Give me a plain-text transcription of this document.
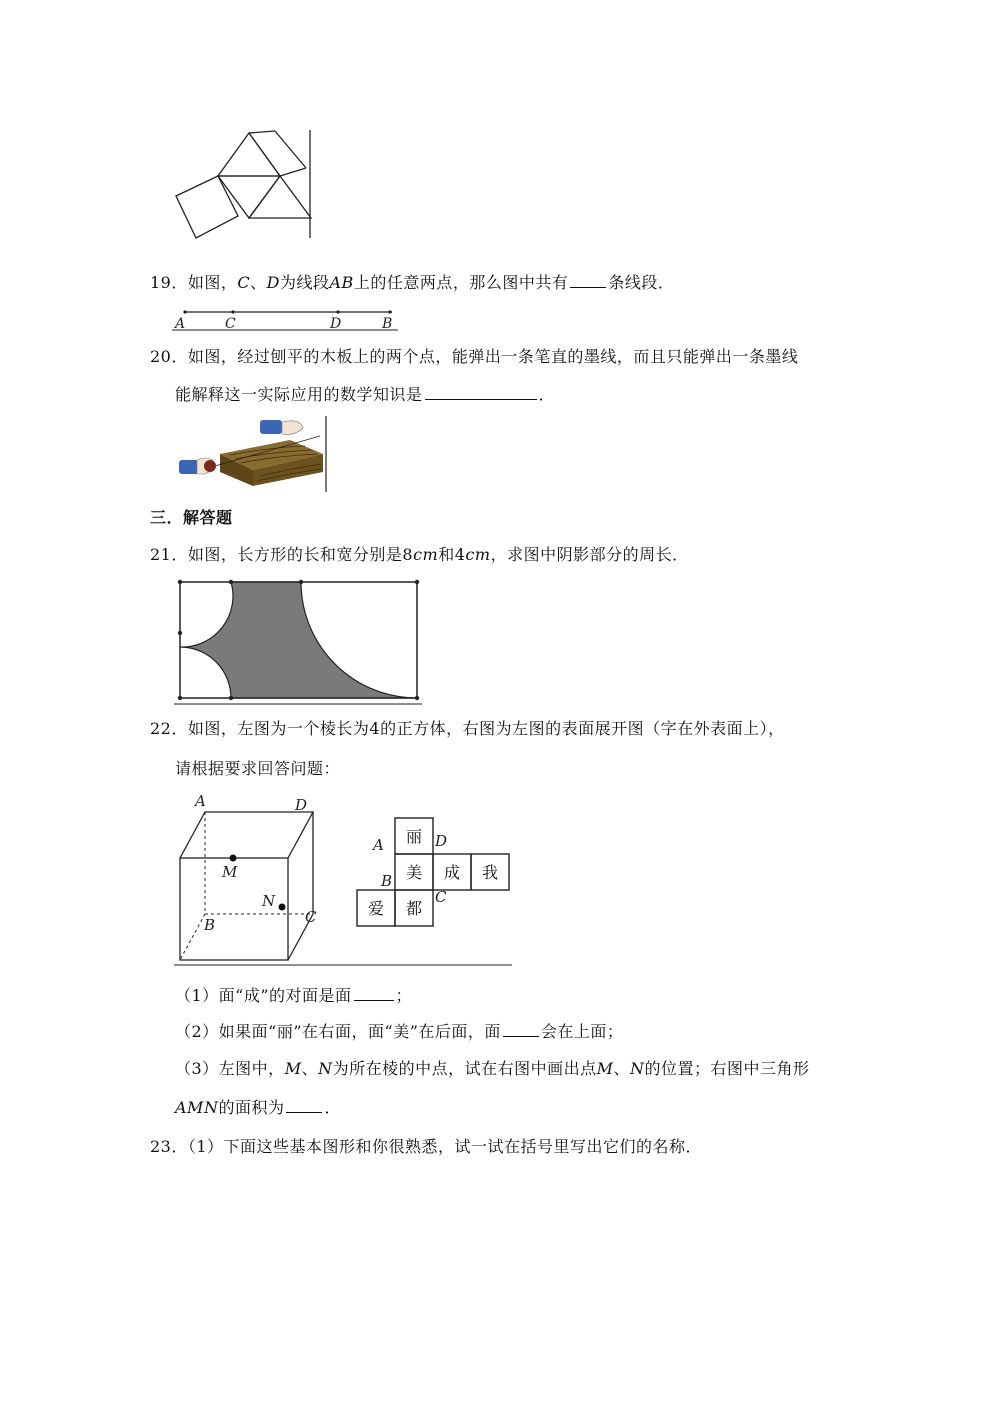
19．如图，C、D为线段AB上的任意两点，那么图中共有	条线段．
A	C	D	B
20．如图，经过刨平的木板上的两个点，能弹出一条笔直的墨线，而且只能弹出一条墨线
能解释这一实际应用的数学知识是	．
三．解答题
21．如图，长方形的长和宽分别是8cm和4cm，求图中阴影部分的周长．
22．如图，左图为一个棱长为4的正方体，右图为左图的表面展开图（字在外表面上），
请根据要求回答问题：
A	D
M
N
B	C
丽
美 成 我
爱 都
A	D
B
C
（1）面“成”的对面是面	；
（2）如果面“丽”在右面，面“美”在后面，面	会在上面；
（3）左图中，M、N为所在棱的中点，试在右图中画出点M、N的位置；右图中三角形
AMN的面积为	．
23．（1）下面这些基本图形和你很熟悉，试一试在括号里写出它们的名称．
